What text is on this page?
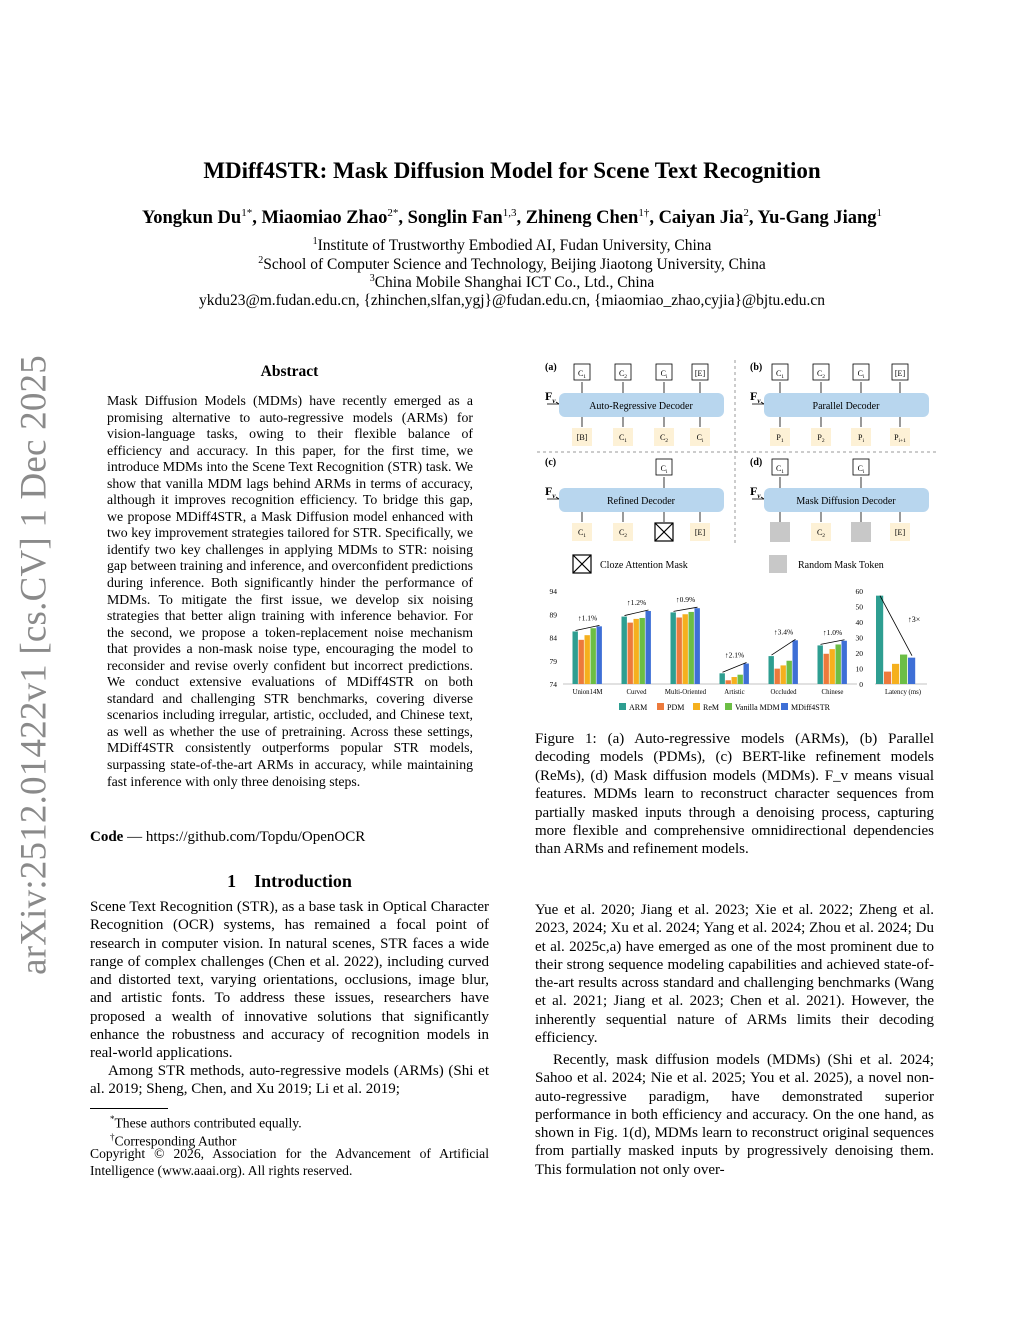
arXiv:2512.01422v1 [cs.CV] 1 Dec 2025
MDiff4STR: Mask Diffusion Model for Scene Text Recognition
Yongkun $Du^{1*}$, Miaomiao Zhao$^{2*}$, Songlin Fan$^{1,3}$, Zhineng Chen$^{1\dagger}$, Caiyan Jia$^2$, Yu-Gang Jiang$^1$
$^1$Institute of Trustworthy Embodied AI, Fudan University, China
$^2$School of Computer Science and Technology, Beijing Jiaotong University, China
$^3$China Mobile Shanghai ICT Co., Ltd., China
ykdu23@m.fudan.edu.cn, {zhinchen,slfan,ygj}@fudan.edu.cn, {miaomiao_zhao,cyjia}@bjtu.edu.cn
Abstract
Mask Diffusion Models (MDMs) have recently emerged as a promising alternative to auto-regressive models (ARMs) for vision-language tasks, owing to their flexible balance of efficiency and accuracy. In this paper, for the first time, we introduce MDMs into the Scene Text Recognition (STR) task. We show that vanilla MDM lags behind ARMs in terms of accuracy, although it improves recognition efficiency. To bridge this gap, we propose MDiff4STR, a Mask Diffusion model enhanced with two key improvement strategies tailored for STR. Specifically, we identify two key challenges in applying MDMs to STR: noising gap between training and inference, and overconfident predictions during inference. Both significantly hinder the performance of MDMs. To mitigate the first issue, we develop six noising strategies that better align training with inference behavior. For the second, we propose a token-replacement noise mechanism that provides a non-mask noise type, encouraging the model to reconsider and revise overly confident but incorrect predictions. We conduct extensive evaluations of MDiff4STR on both standard and challenging STR benchmarks, covering diverse scenarios including irregular, artistic, occluded, and Chinese text, as well as whether the use of pretraining. Across these settings, MDiff4STR consistently outperforms popular STR models, surpassing state-of-the-art ARMs in accuracy, while maintaining fast inference with only three denoising steps.
Code — https://github.com/Topdu/OpenOCR
1 Introduction
Scene Text Recognition (STR), as a base task in Optical Character Recognition (OCR) systems, has remained a focal point of research in computer vision. In natural scenes, STR faces a wide range of complex challenges (Chen et al. 2022), including curved and distorted text, varying orientations, occlusions, image blur, and artistic fonts. To address these issues, researchers have proposed a wealth of innovative solutions that significantly enhance the robustness and accuracy of recognition models in real-world applications.
Among STR methods, auto-regressive models (ARMs) (Shi et al. 2019; Sheng, Chen, and Xu 2019; Li et al. 2019;
*These authors contributed equally.
†Corresponding Author
Copyright © 2026, Association for the Advancement of Artificial Intelligence (www.aaai.org). All rights reserved.
(a)
$F_v$	Auto-Regressive Decoder
$C_1$	$C_2$	$C_i$	[E]
[B]	$C_1$	$C_2$	$C_i$
(b)
$F_v$	Parallel Decoder
$C_1$	$C_2$	$C_i$	[E]
$P_1$	$P_2$	$P_i$	$P_{i+1}$
(c)
$F_v$	Refined Decoder
$C_i$
$C_1$	$C_2$	[E]
(d)
$F_v$	Mask Diffusion Decoder
$C_1$	$C_i$
$C_2$	[E]
Cloze Attention Mask	Random Mask Token
74
79
84
89
94
↑1.1%
Union14M
↑1.2%
Curved
↑0.9%
Multi-Oriented
↑2.1%
Artistic
↑3.4%
Occluded
↑1.0%
Chinese
0
10
20
30
40
50
60
↑3×
Latency (ms)
ARM PDM ReM Vanilla MDM MDiff4STR
Figure 1: (a) Auto-regressive models (ARMs), (b) Parallel decoding models (PDMs), (c) BERT-like refinement models (ReMs), (d) Mask diffusion models (MDMs). F_v means visual features. MDMs learn to reconstruct character sequences from partially masked inputs through a denoising process, capturing more flexible and comprehensive omnidirectional dependencies than ARMs and refinement models.
Yue et al. 2020; Jiang et al. 2023; Xie et al. 2022; Zheng et al. 2023, 2024; Xu et al. 2024; Yang et al. 2024; Zhou et al. 2024; Du et al. 2025c,a) have emerged as one of the most prominent due to their strong sequence modeling capabilities and achieved state-of-the-art results across standard and challenging benchmarks (Wang et al. 2021; Jiang et al. 2023; Chen et al. 2021). However, the inherently sequential nature of ARMs limits their decoding efficiency.
Recently, mask diffusion models (MDMs) (Shi et al. 2024; Sahoo et al. 2024; Nie et al. 2025; You et al. 2025), a novel non-auto-regressive paradigm, have demonstrated superior performance in both efficiency and accuracy. On the one hand, as shown in Fig. 1(d), MDMs learn to reconstruct original sequences from partially masked inputs by progressively denoising them. This formulation not only over-
